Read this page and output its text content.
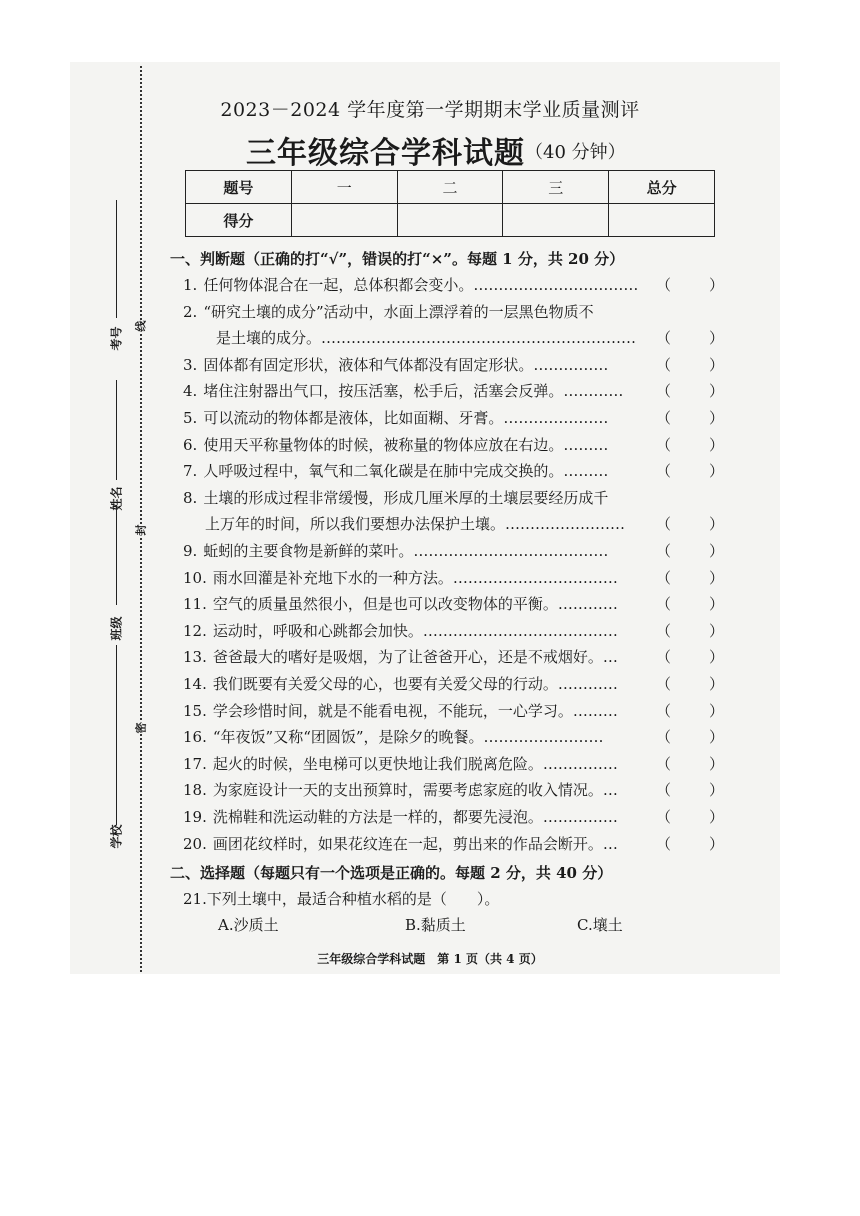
线
封
密
考号
姓名
班级
学校
2023－2024 学年度第一学期期末学业质量测评
三年级综合学科试题 （40 分钟）
题号	一	二	三	总分
得分				
一、判断题（正确的打“√”，错误的打“×”。每题 1 分，共 20 分）
1. 任何物体混合在一起，总体积都会变小。……………………………	（	）
2. “研究土壤的成分”活动中，水面上漂浮着的一层黑色物质不
是土壤的成分。………………………………………………………	（	）
3. 固体都有固定形状，液体和气体都没有固定形状。……………	（	）
4. 堵住注射器出气口，按压活塞，松手后，活塞会反弹。…………	（	）
5. 可以流动的物体都是液体，比如面糊、牙膏。…………………	（	）
6. 使用天平称量物体的时候，被称量的物体应放在右边。………	（	）
7. 人呼吸过程中，氧气和二氧化碳是在肺中完成交换的。………	（	）
8. 土壤的形成过程非常缓慢，形成几厘米厚的土壤层要经历成千
上万年的时间，所以我们要想办法保护土壤。……………………	（	）
9. 蚯蚓的主要食物是新鲜的菜叶。…………………………………	（	）
10. 雨水回灌是补充地下水的一种方法。……………………………	（	）
11. 空气的质量虽然很小，但是也可以改变物体的平衡。…………	（	）
12. 运动时，呼吸和心跳都会加快。…………………………………	（	）
13. 爸爸最大的嗜好是吸烟，为了让爸爸开心，还是不戒烟好。…	（	）
14. 我们既要有关爱父母的心，也要有关爱父母的行动。…………	（	）
15. 学会珍惜时间，就是不能看电视，不能玩，一心学习。………	（	）
16. “年夜饭”又称“团圆饭”，是除夕的晚餐。……………………	（	）
17. 起火的时候，坐电梯可以更快地让我们脱离危险。……………	（	）
18. 为家庭设计一天的支出预算时，需要考虑家庭的收入情况。…	（	）
19. 洗棉鞋和洗运动鞋的方法是一样的，都要先浸泡。……………	（	）
20. 画团花纹样时，如果花纹连在一起，剪出来的作品会断开。…	（	）
二、选择题（每题只有一个选项是正确的。每题 2 分，共 40 分）
21.下列土壤中，最适合种植水稻的是（　　）。
A.沙质土	B.黏质土	C.壤土
三年级综合学科试题　第 1 页（共 4 页）
